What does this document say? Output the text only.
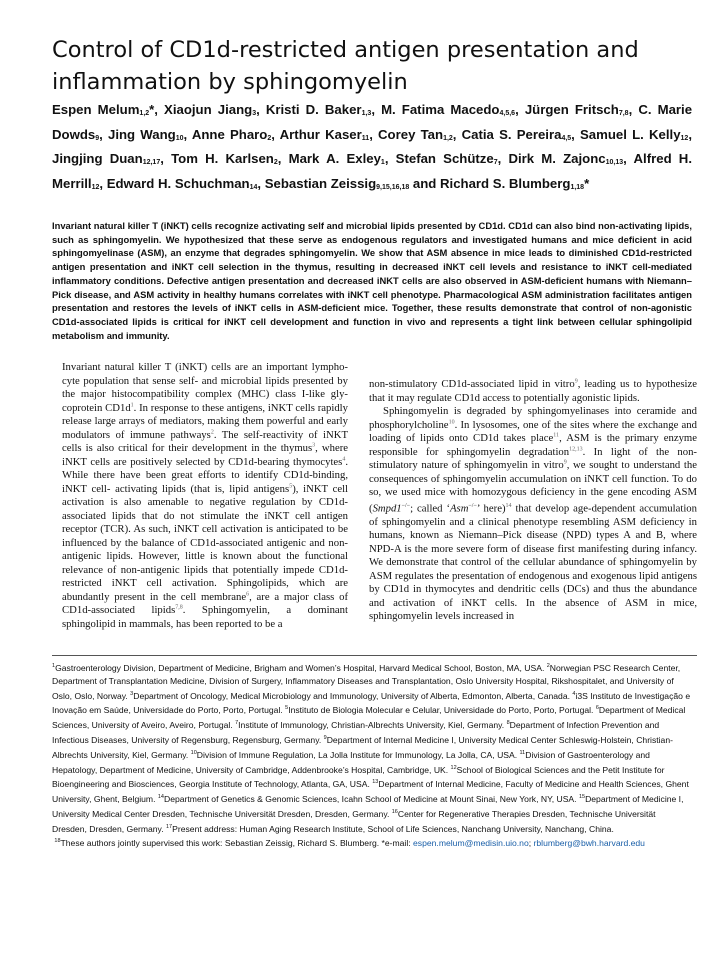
Control of CD1d-restricted antigen presentation and inflammation by sphingomyelin
Espen Melum$_{1,2}$*, Xiaojun Jiang$_3$, Kristi D. Baker$_{1,3}$, M. Fatima Macedo$_{4,5,6}$, Jürgen Fritsch$_{7,8}$, C. Marie Dowds$_9$, Jing Wang$_{10}$, Anne Pharo$_2$, Arthur Kaser$_{11}$, Corey Tan$_{1,2}$, Catia S. Pereira$_{4,5}$, Samuel L. Kelly$_{12}$, Jingjing Duan$_{12,17}$, Tom H. Karlsen$_2$, Mark A. Exley$_1$, Stefan Schütze$_7$, Dirk M. Zajonc$_{10,13}$, Alfred H. Merrill$_{12}$, Edward H. Schuchman$_{14}$, Sebastian Zeissig$_{9,15,16,18}$ and Richard S. Blumberg$_{1,18}$*
Invariant natural killer T (iNKT) cells recognize activating self and microbial lipids presented by CD1d. CD1d can also bind non-activating lipids, such as sphingomyelin. We hypothesized that these serve as endogenous regulators and investigated humans and mice deficient in acid sphingomyelinase (ASM), an enzyme that degrades sphingomyelin. We show that ASM absence in mice leads to diminished CD1d-restricted antigen presentation and iNKT cell selection in the thymus, resulting in decreased iNKT cell levels and resistance to iNKT cell-mediated inflammatory conditions. Defective antigen presentation and decreased iNKT cells are also observed in ASM-deficient humans with Niemann–Pick disease, and ASM activity in healthy humans correlates with iNKT cell phenotype. Pharmacological ASM administration facilitates antigen presentation and restores the levels of iNKT cells in ASM-deficient mice. Together, these results demonstrate that control of non-agonistic CD1d-associated lipids is critical for iNKT cell development and function in vivo and represents a tight link between cellular sphingolipid metabolism and immunity.

Invariant natural killer T (iNKT) cells are an important lympho- cyte population that sense self- and microbial lipids presented by the major histocompatibility complex (MHC) class I-like gly- coprotein CD1d$^1$. In response to these antigens, iNKT cells rapidly release large arrays of mediators, making them powerful and early modulators of immune pathways$^2$. The self-reactivity of iNKT cells is also critical for their development in the thymus$^3$, where iNKT cells are positively selected by CD1d-bearing thymocytes$^4$. While there have been great efforts to identify CD1d-binding, iNKT cell- activating lipids (that is, lipid antigens$^5$), iNKT cell activation is also amenable to negative regulation by CD1d-associated lipids that do not stimulate the iNKT cell antigen receptor (TCR). As such, iNKT cell activation is anticipated to be influenced by the balance of CD1d-associated antigenic and non-antigenic lipids. However, little is known about the functional relevance of non-antigenic lipids that potentially impede CD1d-restricted iNKT cell activation. Sphingolipids, which are abundantly present in the cell membrane$^6$, are a major class of CD1d-associated lipids$^{7,8}$. Sphingomyelin, a dominant sphingolipid in mammals, has been reported to be a

non-stimulatory CD1d-associated lipid in vitro$^9$, leading us to hypothesize that it may regulate CD1d access to potentially agonistic lipids.

Sphingomyelin is degraded by sphingomyelinases into ceramide and phosphorylcholine$^{10}$. In lysosomes, one of the sites where the exchange and loading of lipids onto CD1d takes place$^{11}$, ASM is the primary enzyme responsible for sphingomyelin degradation$^{12,13}$. In light of the non-stimulatory nature of sphingomyelin in vitro$^9$, we sought to understand the consequences of sphingomyelin accumulation on iNKT cell function. To do so, we used mice with homozygous deficiency in the gene encoding ASM (Smpd1−/−; called ‘Asm−/−’ here)$^{14}$ that develop age-dependent accumulation of sphingomyelin and a clinical phenotype resembling ASM deficiency in humans, known as Niemann–Pick disease (NPD) types A and B, where NPD-A is the more severe form of disease first manifesting during infancy. We demonstrate that control of the cellular abundance of sphingomyelin by ASM regulates the presentation of endogenous and exogenous lipid antigens by CD1d in thymocytes and dendritic cells (DCs) and thus the abundance and activation of iNKT cells. In the absence of ASM in mice, sphingomyelin levels increased in

$^1$Gastroenterology Division, Department of Medicine, Brigham and Women’s Hospital, Harvard Medical School, Boston, MA, USA. $^2$Norwegian PSC Research Center, Department of Transplantation Medicine, Division of Surgery, Inflammatory Diseases and Transplantation, Oslo University Hospital, Rikshospitalet, and University of Oslo, Oslo, Norway. $^3$Department of Oncology, Medical Microbiology and Immunology, University of Alberta, Edmonton, Alberta, Canada. $^4$i3S Instituto de Investigação e Inovação em Saúde, Universidade do Porto, Porto, Portugal. $^5$Instituto de Biologia Molecular e Celular, Universidade do Porto, Porto, Portugal. $^6$Department of Medical Sciences, University of Aveiro, Aveiro, Portugal. $^7$Institute of Immunology, Christian-Albrechts University, Kiel, Germany. $^8$Department of Infection Prevention and Infectious Diseases, University of Regensburg, Regensburg, Germany. $^9$Department of Internal Medicine I, University Medical Center Schleswig-Holstein, Christian-Albrechts University, Kiel, Germany. $^{10}$Division of Immune Regulation, La Jolla Institute for Immunology, La Jolla, CA, USA. $^{11}$Division of Gastroenterology and Hepatology, Department of Medicine, University of Cambridge, Addenbrooke’s Hospital, Cambridge, UK. $^{12}$School of Biological Sciences and the Petit Institute for Bioengineering and Biosciences, Georgia Institute of Technology, Atlanta, GA, USA. $^{13}$Department of Internal Medicine, Faculty of Medicine and Health Sciences, Ghent University, Ghent, Belgium. $^{14}$Department of Genetics & Genomic Sciences, Icahn School of Medicine at Mount Sinai, New York, NY, USA. $^{15}$Department of Medicine I, University Medical Center Dresden, Technische Universität Dresden, Dresden, Germany. $^{16}$Center for Regenerative Therapies Dresden, Technische Universität Dresden, Dresden, Germany. $^{17}$Present address: Human Aging Research Institute, School of Life Sciences, Nanchang University, Nanchang, China.
$^{18}$These authors jointly supervised this work: Sebastian Zeissig, Richard S. Blumberg. *e-mail: espen.melum@medisin.uio.no; rblumberg@bwh.harvard.edu
